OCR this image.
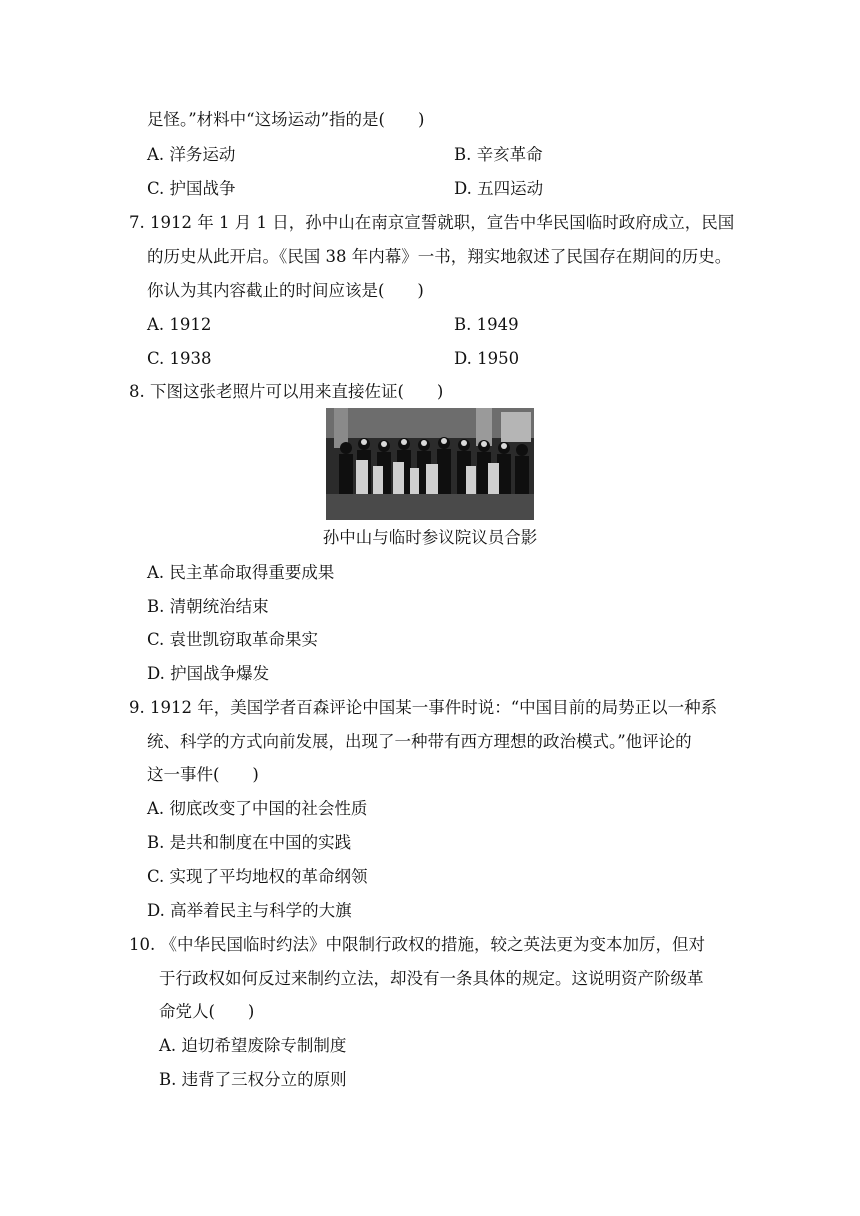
足怪。”材料中“这场运动”指的是(　　)
A. 洋务运动	B. 辛亥革命
C. 护国战争	D. 五四运动
7. 1912 年 1 月 1 日，孙中山在南京宣誓就职，宣告中华民国临时政府成立，民国
的历史从此开启。《民国 38 年内幕》一书，翔实地叙述了民国存在期间的历史。
你认为其内容截止的时间应该是(　　)
A. 1912	B. 1949
C. 1938	D. 1950
8. 下图这张老照片可以用来直接佐证(　　)
孙中山与临时参议院议员合影
A. 民主革命取得重要成果
B. 清朝统治结束
C. 袁世凯窃取革命果实
D. 护国战争爆发
9. 1912 年，美国学者百森评论中国某一事件时说：“中国目前的局势正以一种系
统、科学的方式向前发展，出现了一种带有西方理想的政治模式。”他评论的
这一事件(　　)
A. 彻底改变了中国的社会性质
B. 是共和制度在中国的实践
C. 实现了平均地权的革命纲领
D. 高举着民主与科学的大旗
10. 《中华民国临时约法》中限制行政权的措施，较之英法更为变本加厉，但对
于行政权如何反过来制约立法，却没有一条具体的规定。这说明资产阶级革
命党人(　　)
A. 迫切希望废除专制制度
B. 违背了三权分立的原则
